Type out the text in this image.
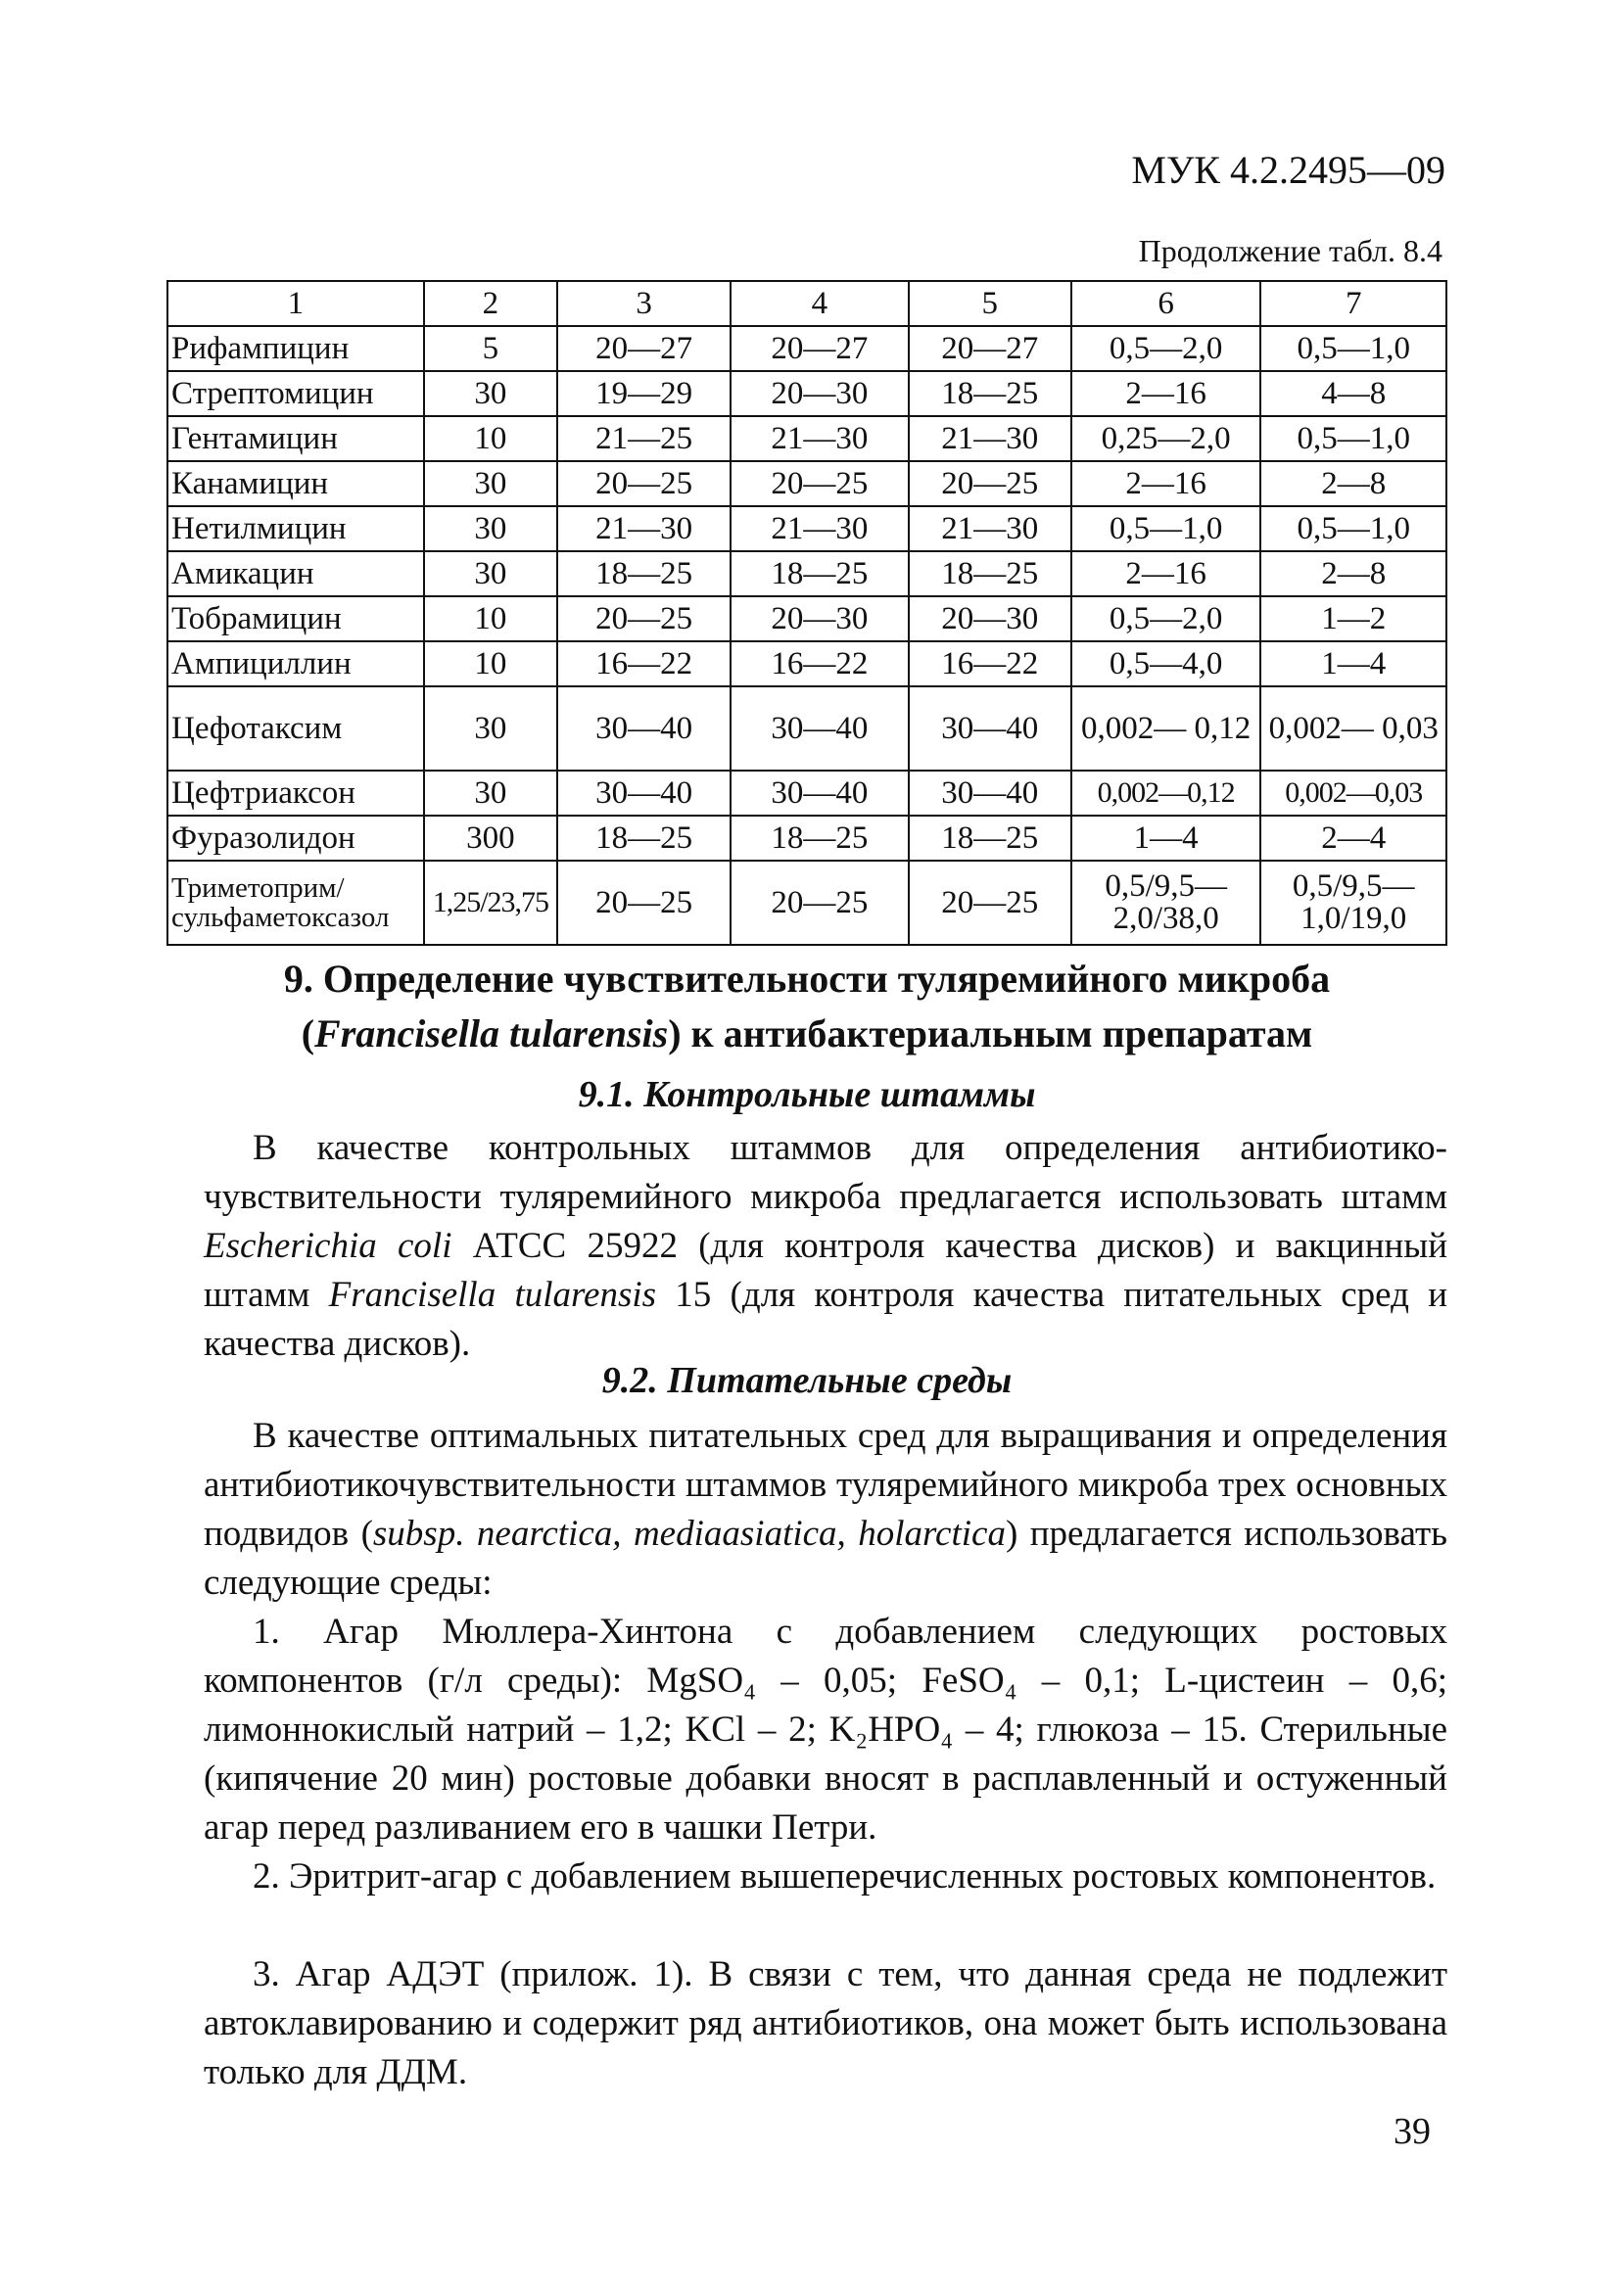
МУК 4.2.2495—09
Продолжение табл. 8.4
1	2	3	4	5	6	7
Рифампицин	5	20—27	20—27	20—27	0,5—2,0	0,5—1,0
Стрептомицин	30	19—29	20—30	18—25	2—16	4—8
Гентамицин	10	21—25	21—30	21—30	0,25—2,0	0,5—1,0
Канамицин	30	20—25	20—25	20—25	2—16	2—8
Нетилмицин	30	21—30	21—30	21—30	0,5—1,0	0,5—1,0
Амикацин	30	18—25	18—25	18—25	2—16	2—8
Тобрамицин	10	20—25	20—30	20—30	0,5—2,0	1—2
Ампициллин	10	16—22	16—22	16—22	0,5—4,0	1—4
Цефотаксим	30	30—40	30—40	30—40	0,002— 0,12	0,002— 0,03
Цефтриаксон	30	30—40	30—40	30—40	0,002—0,12	0,002—0,03
Фуразолидон	300	18—25	18—25	18—25	1—4	2—4
Триметоприм/ сульфаметоксазол	1,25/23,75	20—25	20—25	20—25	0,5/9,5— 2,0/38,0	0,5/9,5— 1,0/19,0
9. Определение чувствительности туляремийного микроба
(Francisella tularensis) к антибактериальным препаратам
9.1. Контрольные штаммы
В качестве контрольных штаммов для определения антибиотикочувствительности туляремийного микроба предлагается использовать штамм Escherichia coli АТСС 25922 (для контроля качества дисков) и вакцинный штамм Francisella tularensis 15 (для контроля качества питательных сред и качества дисков).
9.2. Питательные среды
В качестве оптимальных питательных сред для выращивания и определения антибиотикочувствительности штаммов туляремийного микроба трех основных подвидов (subsp. nearctica, mediaasiatica, holarctica) предлагается использовать следующие среды:
1. Агар Мюллера-Хинтона с добавлением следующих ростовых компонентов (г/л среды): MgSO₄ – 0,05; FeSO₄ – 0,1; L-цистеин – 0,6; лимоннокислый натрий – 1,2; KCl – 2; K₂HPO₄ – 4; глюкоза – 15. Стерильные (кипячение 20 мин) ростовые добавки вносят в расплавленный и остуженный агар перед разливанием его в чашки Петри.
2. Эритрит-агар с добавлением вышеперечисленных ростовых компонентов.
3. Агар АДЭТ (прилож. 1). В связи с тем, что данная среда не подлежит автоклавированию и содержит ряд антибиотиков, она может быть использована только для ДДМ.
39
